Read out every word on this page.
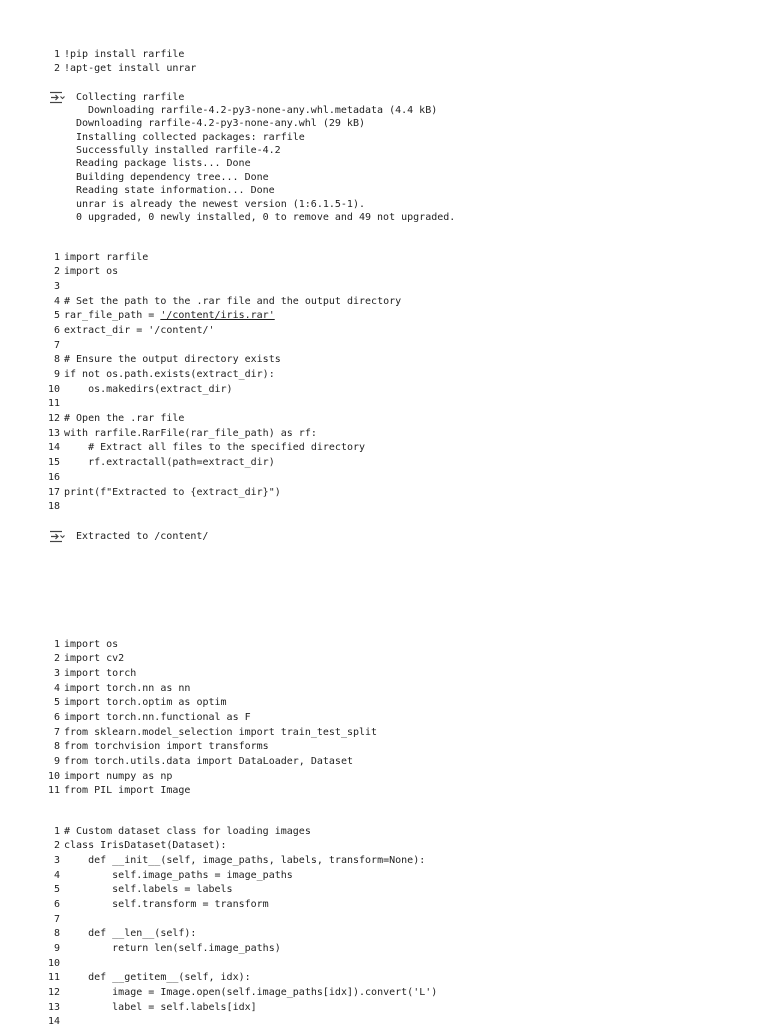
1 !pip install rarfile
2 !apt-get install unrar
Collecting rarfile
Downloading rarfile-4.2-py3-none-any.whl.metadata (4.4 kB)
Downloading rarfile-4.2-py3-none-any.whl (29 kB)
Installing collected packages: rarfile
Successfully installed rarfile-4.2
Reading package lists... Done
Building dependency tree... Done
Reading state information... Done
unrar is already the newest version (1:6.1.5-1).
0 upgraded, 0 newly installed, 0 to remove and 49 not upgraded.
1 import rarfile
2 import os
3
4 # Set the path to the .rar file and the output directory
5 rar_file_path = '/content/iris.rar'
6 extract_dir = '/content/'
7
8 # Ensure the output directory exists
9 if not os.path.exists(extract_dir):
10 os.makedirs(extract_dir)
11
12 # Open the .rar file
13 with rarfile.RarFile(rar_file_path) as rf:
14 # Extract all files to the specified directory
15 rf.extractall(path=extract_dir)
16
17 print(f"Extracted to {extract_dir}")
18
Extracted to /content/
1 import os
2 import cv2
3 import torch
4 import torch.nn as nn
5 import torch.optim as optim
6 import torch.nn.functional as F
7 from sklearn.model_selection import train_test_split
8 from torchvision import transforms
9 from torch.utils.data import DataLoader, Dataset
10 import numpy as np
11 from PIL import Image
1 # Custom dataset class for loading images
2 class IrisDataset(Dataset):
3 def __init__(self, image_paths, labels, transform=None):
4 self.image_paths = image_paths
5 self.labels = labels
6 self.transform = transform
7
8 def __len__(self):
9 return len(self.image_paths)
10
11 def __getitem__(self, idx):
12 image = Image.open(self.image_paths[idx]).convert('L')
13 label = self.labels[idx]
14
